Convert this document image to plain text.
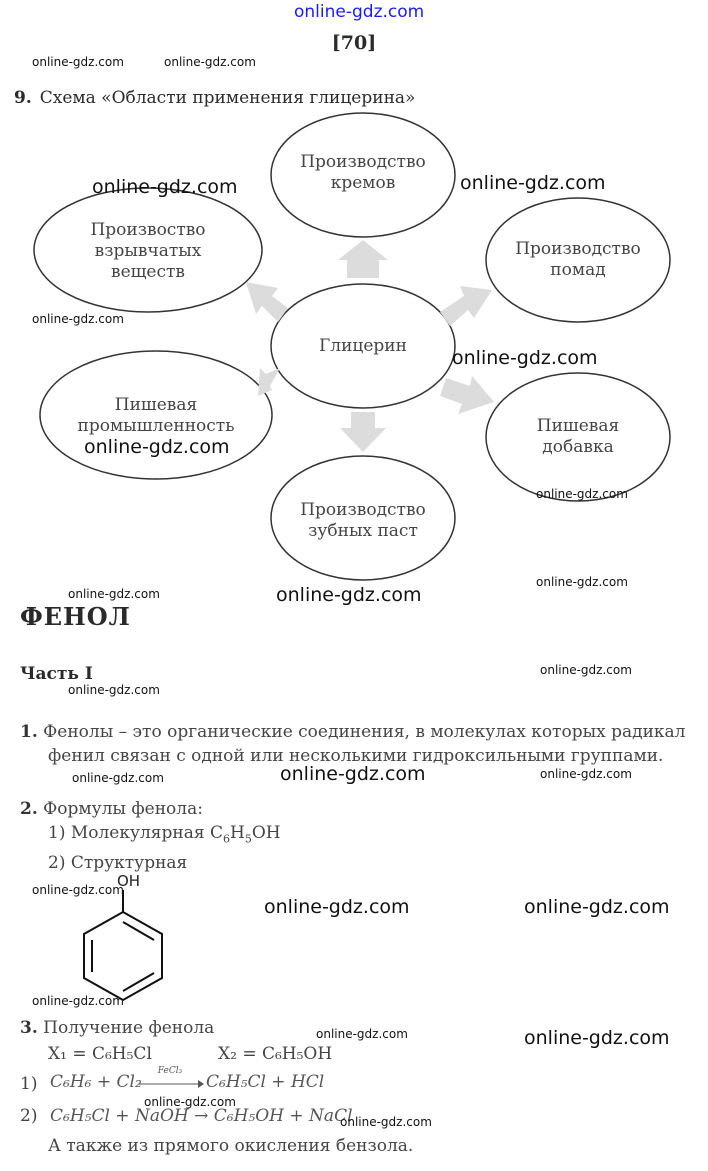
online-gdz.com
[70]
online-gdz.com	online-gdz.com
9. Схема «Области применения глицерина»
Производство
кремов
Произвоство
взрывчатых
веществ
Производство
помад
Глицерин
Пишевая
промышленность	Пишевая
добавка
Производство
зубных паст
online-gdz.com	online-gdz.com
online-gdz.com
online-gdz.com
online-gdz.com
online-gdz.com
online-gdz.com	online-gdz.com
online-gdz.com
ФЕНОЛ
Часть I	online-gdz.com
online-gdz.com
1. Фенолы – это органические соединения, в молекулах которых радикал
фенил связан с одной или несколькими гидроксильными группами.
online-gdz.com	online-gdz.com	online-gdz.com
2. Формулы фенола:
1) Молекулярная $C_6H_5OH$
2) Структурная
OH
online-gdz.com
online-gdz.com	online-gdz.com
online-gdz.com
3. Получение фенола	online-gdz.com	online-gdz.com
X₁ = C₆H₅Cl	X₂ = C₆H₅OH
1) C₆H₆ + Cl₂
FeCl₃
C₆H₅Cl + HCl
online-gdz.com
2) C₆H₅Cl + NaOH → C₆H₅OH + NaCl
online-gdz.com
А также из прямого окисления бензола.
